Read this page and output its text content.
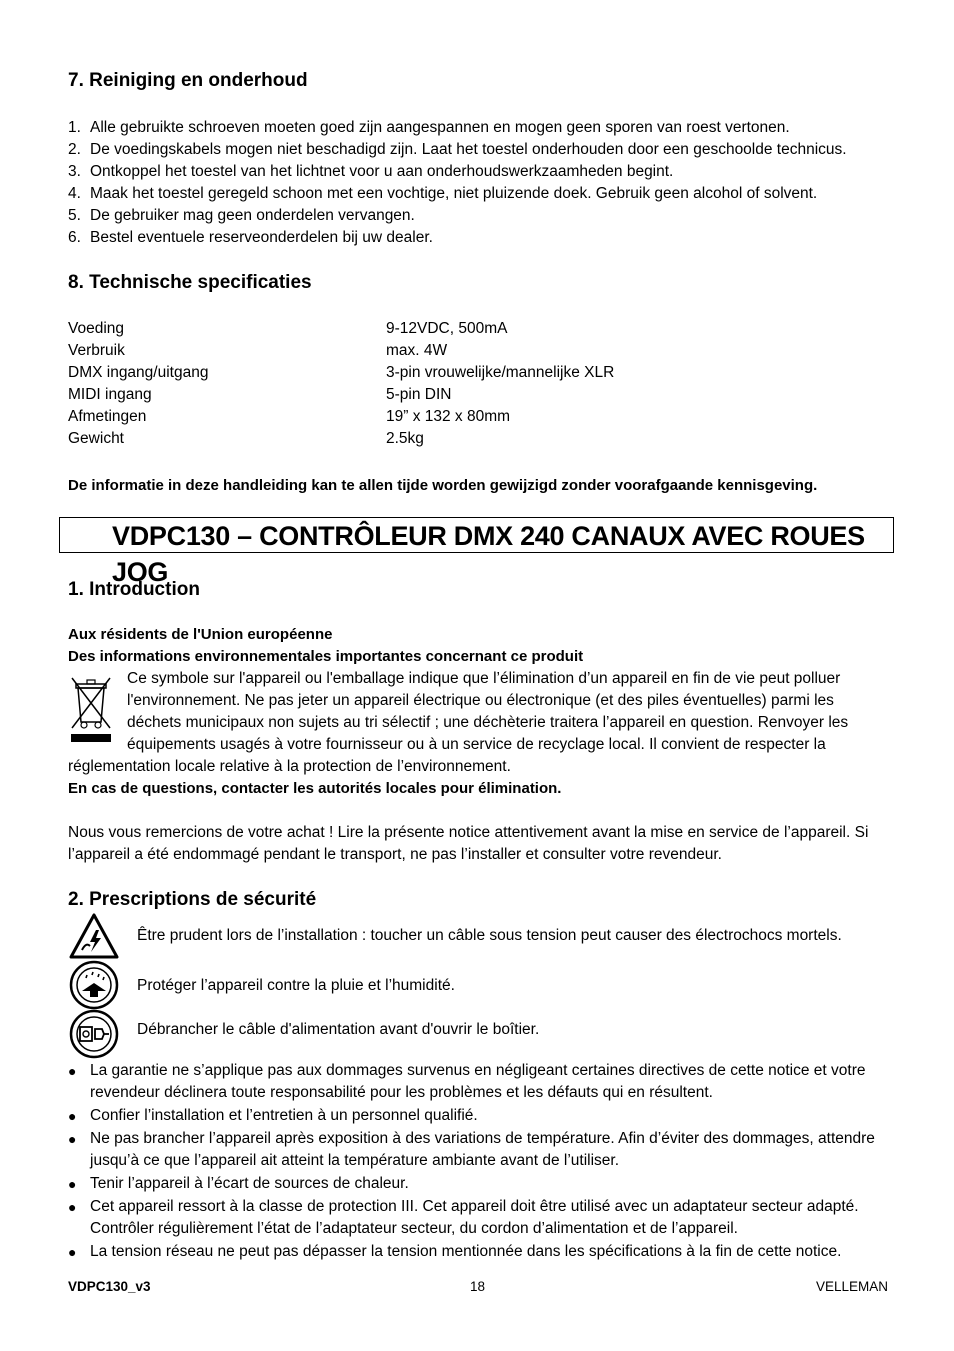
7. Reiniging en onderhoud
1. Alle gebruikte schroeven moeten goed zijn aangespannen en mogen geen sporen van roest vertonen.
2. De voedingskabels mogen niet beschadigd zijn. Laat het toestel onderhouden door een geschoolde technicus.
3. Ontkoppel het toestel van het lichtnet voor u aan onderhoudswerkzaamheden begint.
4. Maak het toestel geregeld schoon met een vochtige, niet pluizende doek. Gebruik geen alcohol of solvent.
5. De gebruiker mag geen onderdelen vervangen.
6. Bestel eventuele reserveonderdelen bij uw dealer.
8. Technische specificaties
Voeding	9-12VDC, 500mA
Verbruik	max. 4W
DMX ingang/uitgang	3-pin vrouwelijke/mannelijke XLR
MIDI ingang	5-pin DIN
Afmetingen	19” x 132 x 80mm
Gewicht	2.5kg
De informatie in deze handleiding kan te allen tijde worden gewijzigd zonder voorafgaande kennisgeving.
VDPC130 – CONTRÔLEUR DMX 240 CANAUX AVEC ROUES JOG
1. Introduction
Aux résidents de l'Union européenne
Des informations environnementales importantes concernant ce produit
Ce symbole sur l'appareil ou l'emballage indique que l’élimination d’un appareil en fin de vie peut polluer
l'environnement. Ne pas jeter un appareil électrique ou électronique (et des piles éventuelles) parmi les
déchets municipaux non sujets au tri sélectif ; une déchèterie traitera l’appareil en question. Renvoyer les
équipements usagés à votre fournisseur ou à un service de recyclage local. Il convient de respecter la
réglementation locale relative à la protection de l’environnement.
En cas de questions, contacter les autorités locales pour élimination.
Nous vous remercions de votre achat ! Lire la présente notice attentivement avant la mise en service de l’appareil. Si l’appareil a été endommagé pendant le transport, ne pas l’installer et consulter votre revendeur.
2. Prescriptions de sécurité
Être prudent lors de l’installation : toucher un câble sous tension peut causer des électrochocs mortels.
Protéger l’appareil contre la pluie et l’humidité.
Débrancher le câble d'alimentation avant d'ouvrir le boîtier.
● La garantie ne s’applique pas aux dommages survenus en négligeant certaines directives de cette notice et votre revendeur déclinera toute responsabilité pour les problèmes et les défauts qui en résultent.
● Confier l’installation et l’entretien à un personnel qualifié.
● Ne pas brancher l’appareil après exposition à des variations de température. Afin d’éviter des dommages, attendre jusqu’à ce que l’appareil ait atteint la température ambiante avant de l’utiliser.
● Tenir l’appareil à l’écart de sources de chaleur.
● Cet appareil ressort à la classe de protection III. Cet appareil doit être utilisé avec un adaptateur secteur adapté. Contrôler régulièrement l’état de l’adaptateur secteur, du cordon d’alimentation et de l’appareil.
● La tension réseau ne peut pas dépasser la tension mentionnée dans les spécifications à la fin de cette notice.
VDPC130_v3	18	VELLEMAN
